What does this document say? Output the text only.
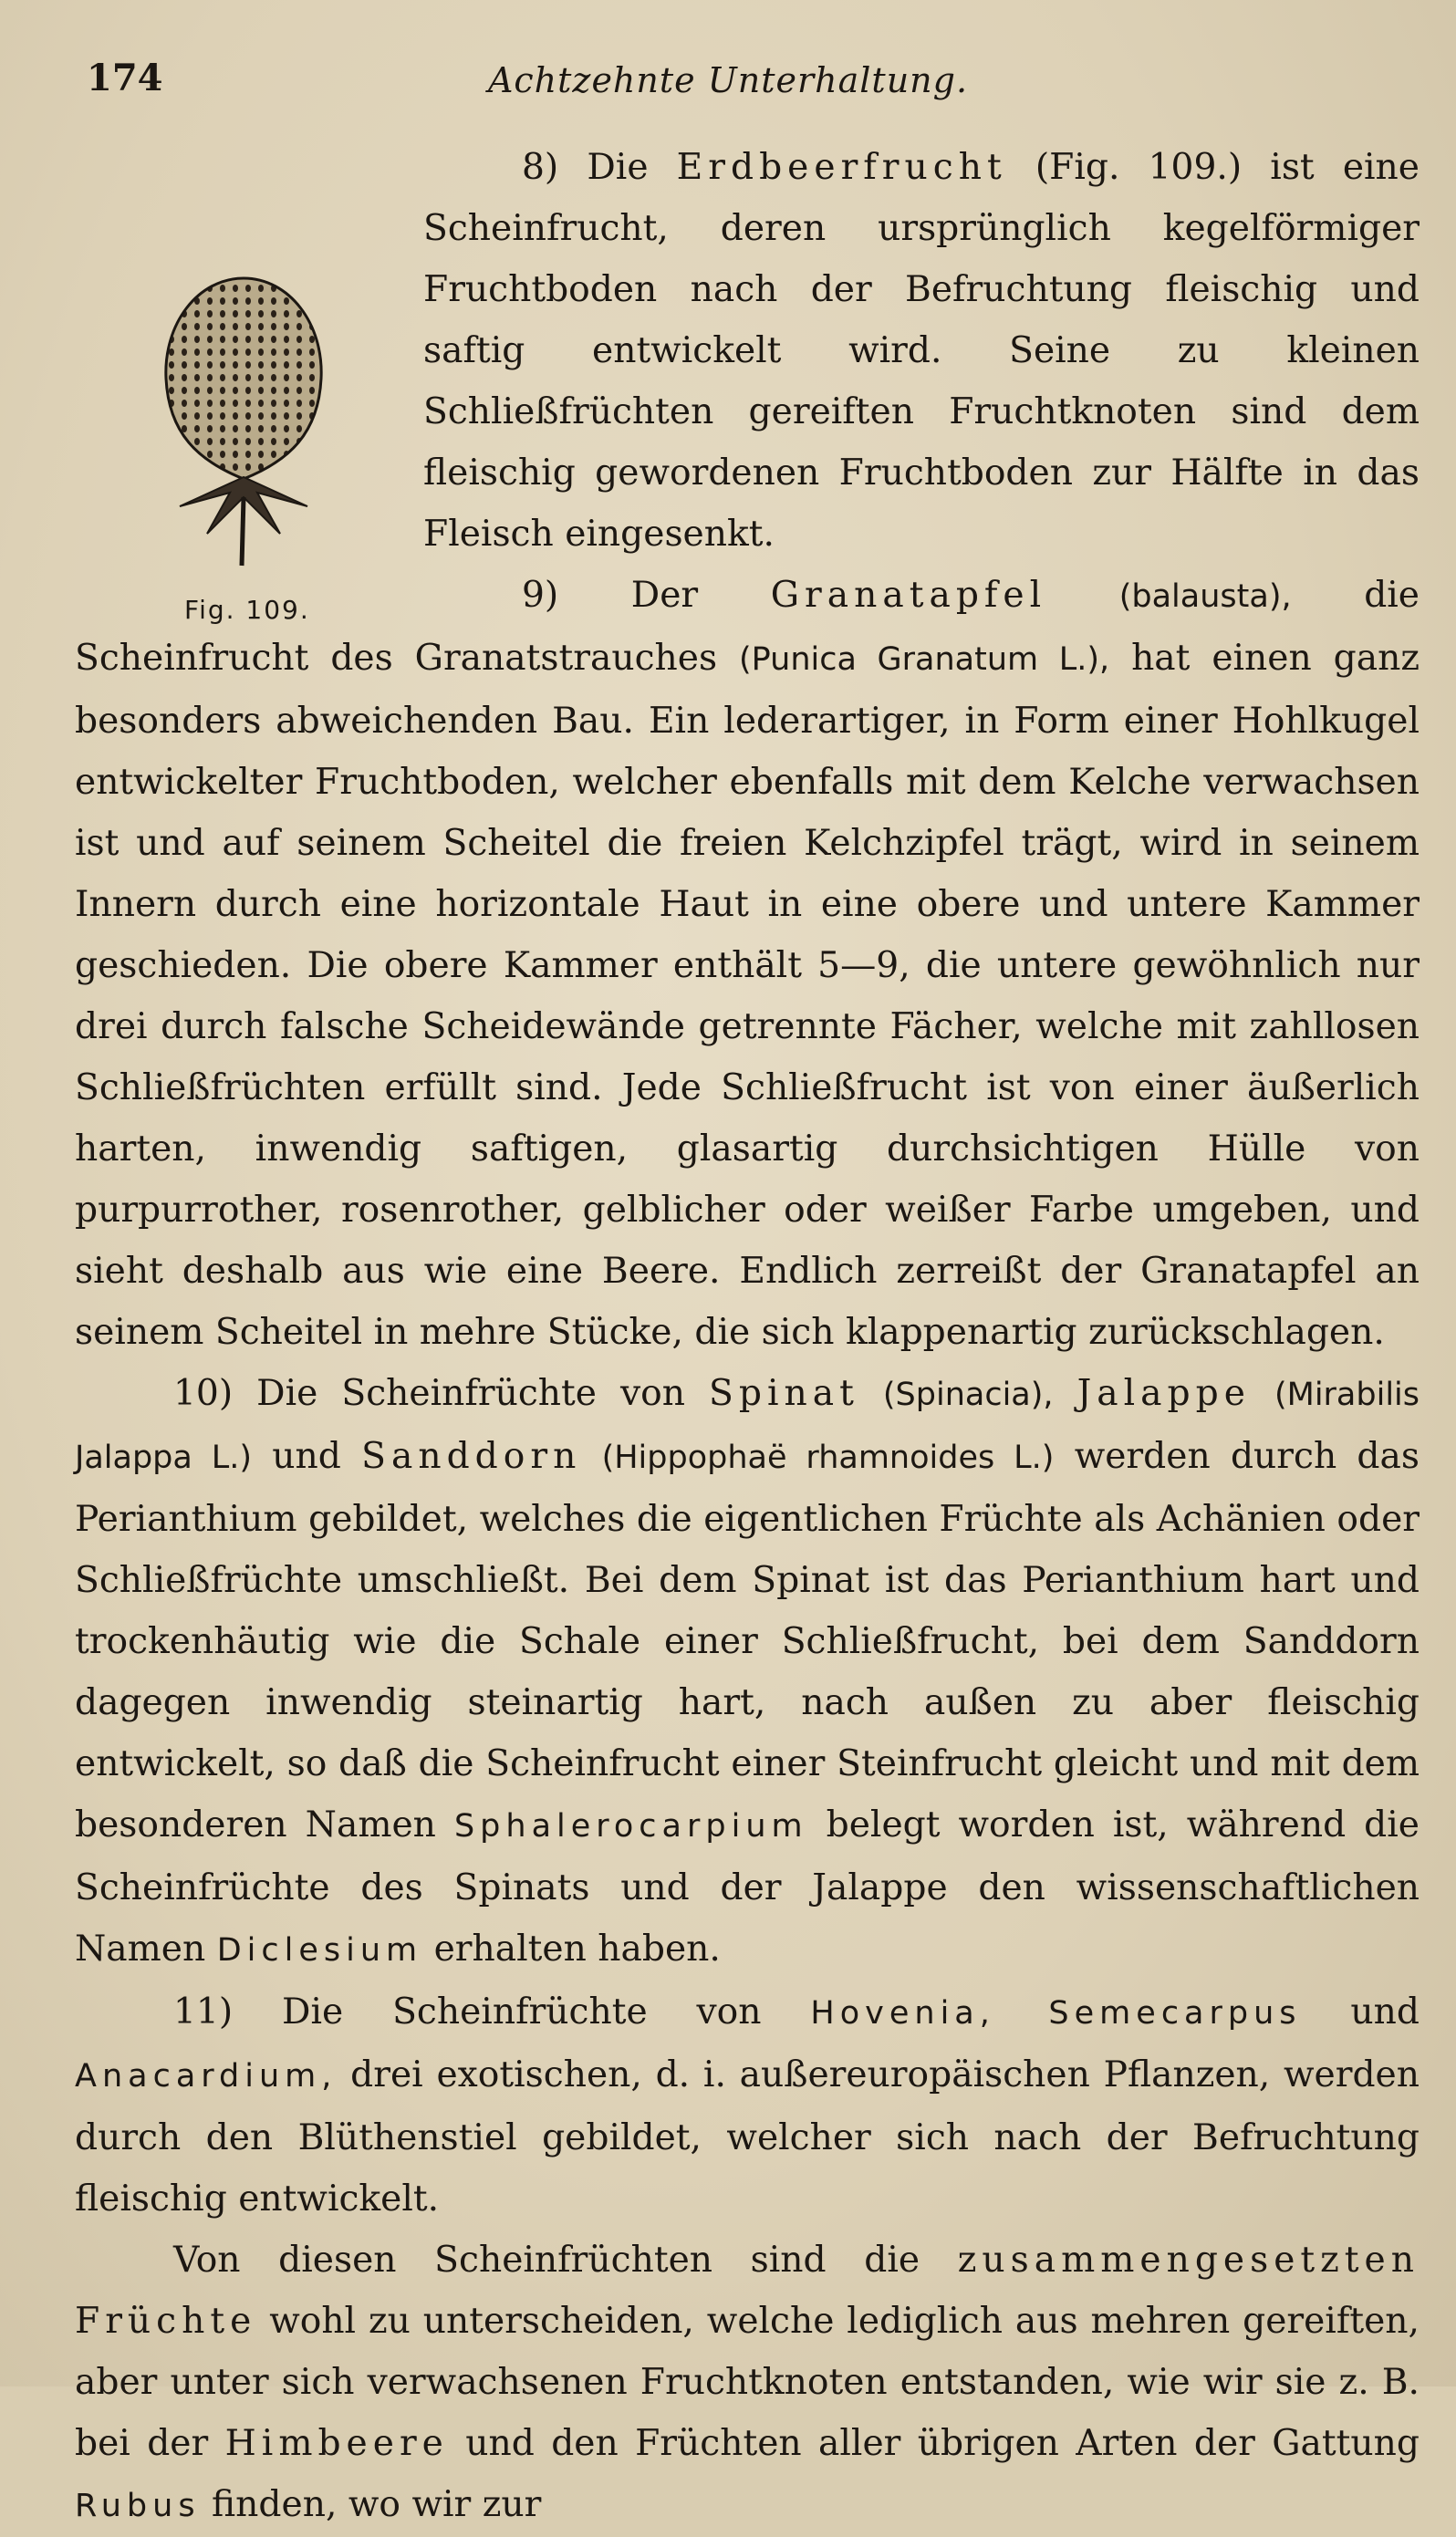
174	Achtzehnte Unterhaltung.
Fig. 109.

8) Die Erdbeerfrucht (Fig. 109.) ist eine Scheinfrucht, deren ursprünglich kegelförmiger Fruchtboden nach der Befruchtung fleischig und saftig entwickelt wird. Seine zu kleinen Schließfrüchten gereiften Fruchtknoten sind dem fleischig gewordenen Fruchtboden zur Hälfte in das Fleisch eingesenkt.

9) Der Granatapfel (balausta), die Scheinfrucht des Granatstrauches (Punica Granatum L.), hat einen ganz besonders abweichenden Bau. Ein lederartiger, in Form einer Hohlkugel entwickelter Fruchtboden, welcher ebenfalls mit dem Kelche verwachsen ist und auf seinem Scheitel die freien Kelchzipfel trägt, wird in seinem Innern durch eine horizontale Haut in eine obere und untere Kammer geschieden. Die obere Kammer enthält 5—9, die untere gewöhnlich nur drei durch falsche Scheidewände getrennte Fächer, welche mit zahllosen Schließfrüchten erfüllt sind. Jede Schließfrucht ist von einer äußerlich harten, inwendig saftigen, glasartig durchsichtigen Hülle von purpurrother, rosenrother, gelblicher oder weißer Farbe umgeben, und sieht deshalb aus wie eine Beere. Endlich zerreißt der Granatapfel an seinem Scheitel in mehre Stücke, die sich klappenartig zurückschlagen.

10) Die Scheinfrüchte von Spinat (Spinacia), Jalappe (Mirabilis Jalappa L.) und Sanddorn (Hippophaë rhamnoides L.) werden durch das Perianthium gebildet, welches die eigentlichen Früchte als Achänien oder Schließfrüchte umschließt. Bei dem Spinat ist das Perianthium hart und trockenhäutig wie die Schale einer Schließfrucht, bei dem Sanddorn dagegen inwendig steinartig hart, nach außen zu aber fleischig entwickelt, so daß die Scheinfrucht einer Steinfrucht gleicht und mit dem besonderen Namen Sphalerocarpium belegt worden ist, während die Scheinfrüchte des Spinats und der Jalappe den wissenschaftlichen Namen Diclesium erhalten haben.

11) Die Scheinfrüchte von Hovenia, Semecarpus und Anacardium, drei exotischen, d. i. außereuropäischen Pflanzen, werden durch den Blüthenstiel gebildet, welcher sich nach der Befruchtung fleischig entwickelt.

Von diesen Scheinfrüchten sind die zusammengesetzten Früchte wohl zu unterscheiden, welche lediglich aus mehren gereiften, aber unter sich verwachsenen Fruchtknoten entstanden, wie wir sie z. B. bei der Himbeere und den Früchten aller übrigen Arten der Gattung Rubus finden, wo wir zur
